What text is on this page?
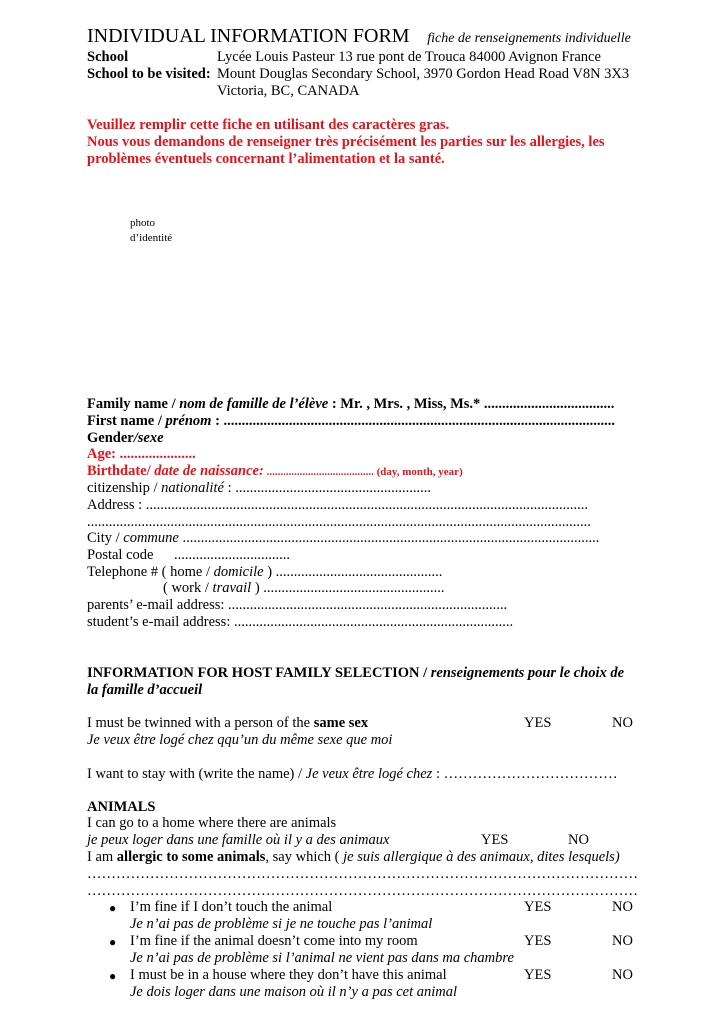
INDIVIDUAL INFORMATION FORM fiche de renseignements individuelle
School	Lycée Louis Pasteur 13 rue pont de Trouca 84000 Avignon France
School to be visited: Mount Douglas Secondary School, 3970 Gordon Head Road V8N 3X3
Victoria, BC, CANADA
Veuillez remplir cette fiche en utilisant des caractères gras.
Nous vous demandons de renseigner très précisément les parties sur les allergies, les
problèmes éventuels concernant l’alimentation et la santé.
photo
d’identité
Family name / nom de famille de l’élève : Mr. , Mrs. , Miss, Ms.* ....................................
First name / prénom : ............................................................................................................
Gender/sexe
Age: .....................
Birthdate/ date de naissance: ....................................... (day, month, year)
citizenship / nationalité : ......................................................
Address : ..........................................................................................................................
...........................................................................................................................................
City / commune ...................................................................................................................
Postal code ................................
Telephone # ( home / domicile ) ..............................................
( work / travail ) ..................................................
parents’ e-mail address: .............................................................................
student’s e-mail address: .............................................................................
INFORMATION FOR HOST FAMILY SELECTION / renseignements pour le choix de
la famille d’accueil
I must be twinned with a person of the same sex	YES	NO
Je veux être logé chez qqu’un du même sexe que moi
I want to stay with (write the name) / Je veux être logé chez : ………………………………
ANIMALS
I can go to a home where there are animals
je peux loger dans une famille où il y a des animaux	YES	NO
I am allergic to some animals, say which ( je suis allergique à des animaux, dites lesquels)
……………………………………………………………………………………………………
……………………………………………………………………………………………………
● I’m fine if I don’t touch the animal	YES	NO
Je n’ai pas de problème si je ne touche pas l’animal
● I’m fine if the animal doesn’t come into my room	YES	NO
Je n’ai pas de problème si l’animal ne vient pas dans ma chambre
● I must be in a house where they don’t have this animal	YES	NO
Je dois loger dans une maison où il n’y a pas cet animal
